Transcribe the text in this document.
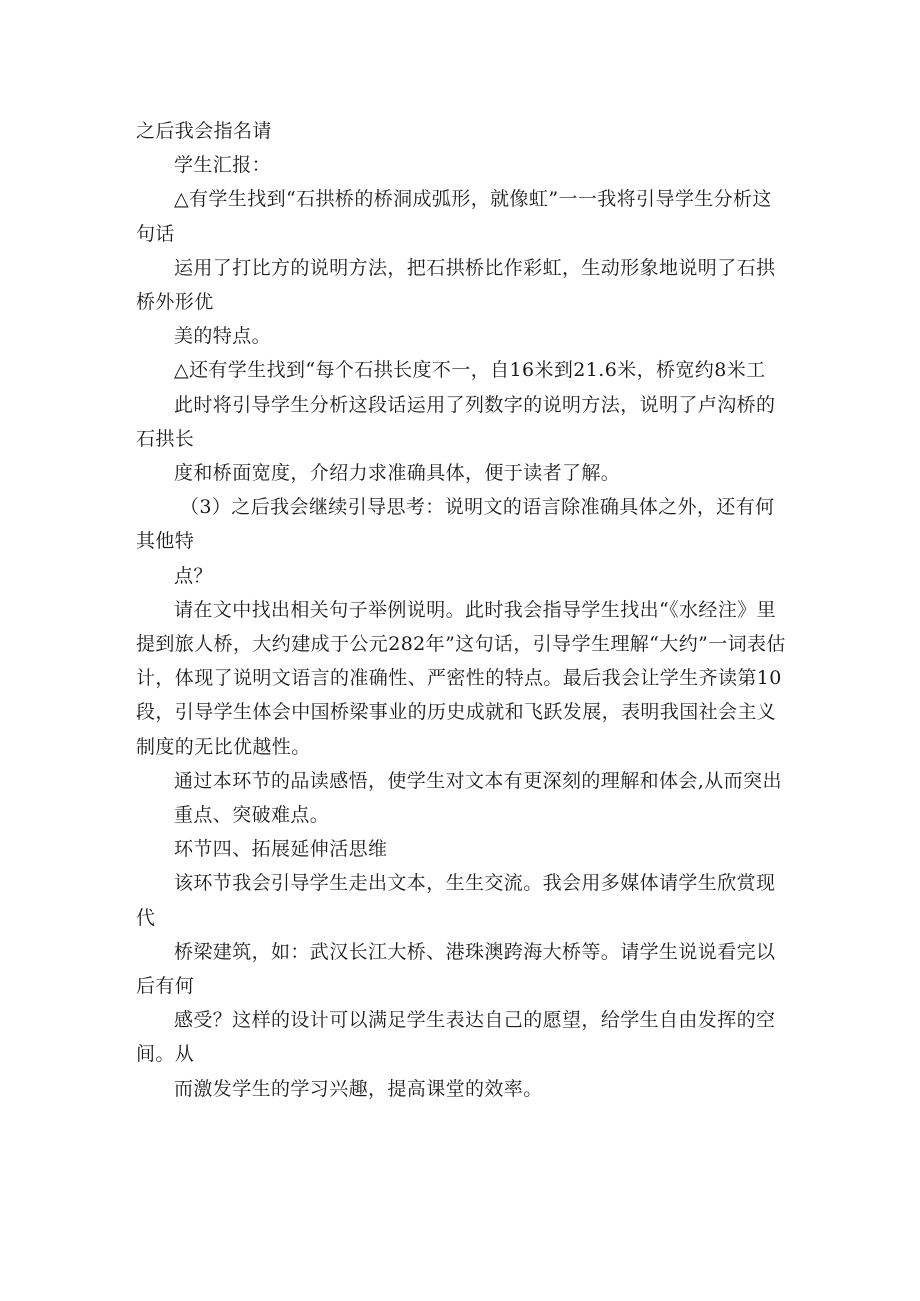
之后我会指名请

学生汇报：

△有学生找到“石拱桥的桥洞成弧形，就像虹”一一我将引导学生分析这句话

运用了打比方的说明方法，把石拱桥比作彩虹，生动形象地说明了石拱桥外形优

美的特点。

△还有学生找到“每个石拱长度不一，自16米到21.6米，桥宽约8米工

此时将引导学生分析这段话运用了列数字的说明方法，说明了卢沟桥的石拱长

度和桥面宽度，介绍力求准确具体，便于读者了解。

（3）之后我会继续引导思考：说明文的语言除准确具体之外，还有何其他特

点？

请在文中找出相关句子举例说明。此时我会指导学生找出“《水经注》里提到旅人桥，大约建成于公元282年”这句话，引导学生理解“大约”一词表估计，体现了说明文语言的准确性、严密性的特点。最后我会让学生齐读第10段，引导学生体会中国桥梁事业的历史成就和飞跃发展，表明我国社会主义制度的无比优越性。

通过本环节的品读感悟，使学生对文本有更深刻的理解和体会,从而突出

重点、突破难点。

环节四、拓展延伸活思维

该环节我会引导学生走出文本，生生交流。我会用多媒体请学生欣赏现代

桥梁建筑，如：武汉长江大桥、港珠澳跨海大桥等。请学生说说看完以后有何

感受？这样的设计可以满足学生表达自己的愿望，给学生自由发挥的空间。从

而激发学生的学习兴趣，提高课堂的效率。
